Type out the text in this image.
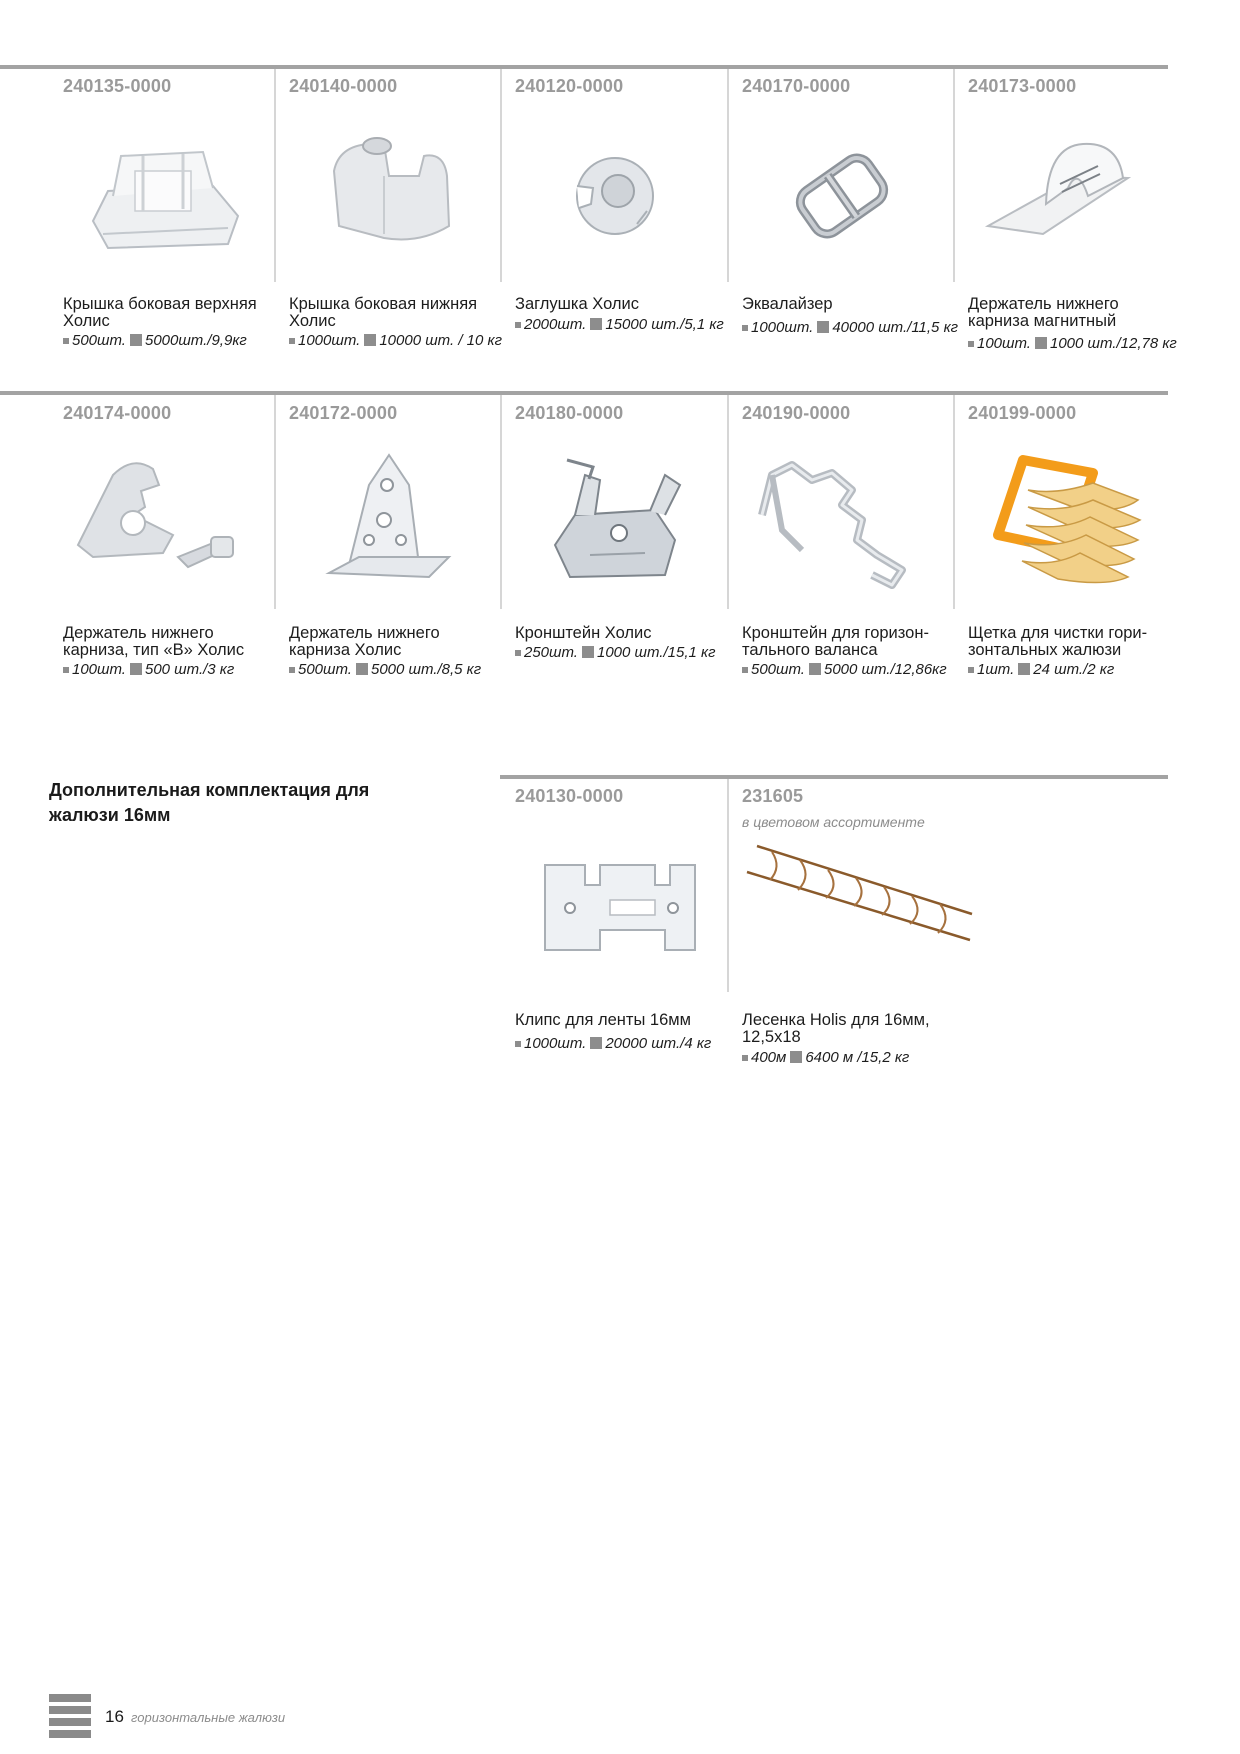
240135-0000
Крышка боковая верхняя Холис
500шт. 5000шт./9,9кг
240140-0000
Крышка боковая нижняя Холис
1000шт. 10000 шт. / 10 кг
240120-0000
Заглушка Холис
2000шт. 15000 шт./5,1 кг
240170-0000
Эквалайзер
1000шт. 40000 шт./11,5 кг
240173-0000
Держатель нижнего карниза магнитный
100шт. 1000 шт./12,78 кг
240174-0000
Держатель нижнего карниза, тип «B» Холис
100шт. 500 шт./3 кг
240172-0000
Держатель нижнего карниза Холис
500шт. 5000 шт./8,5 кг
240180-0000
Кронштейн Холис
250шт. 1000 шт./15,1 кг
240190-0000
Кронштейн для горизон-тального валанса
500шт. 5000 шт./12,86кг
240199-0000
Щетка для чистки гори-зонтальных жалюзи
1шт. 24 шт./2 кг
Дополнительная комплектация для жалюзи 16мм
240130-0000
Клипс для ленты 16мм
1000шт. 20000 шт./4 кг
231605
в цветовом ассортименте
Лесенка Holis для 16мм, 12,5х18
400м 6400 м /15,2 кг
16 горизонтальные жалюзи
